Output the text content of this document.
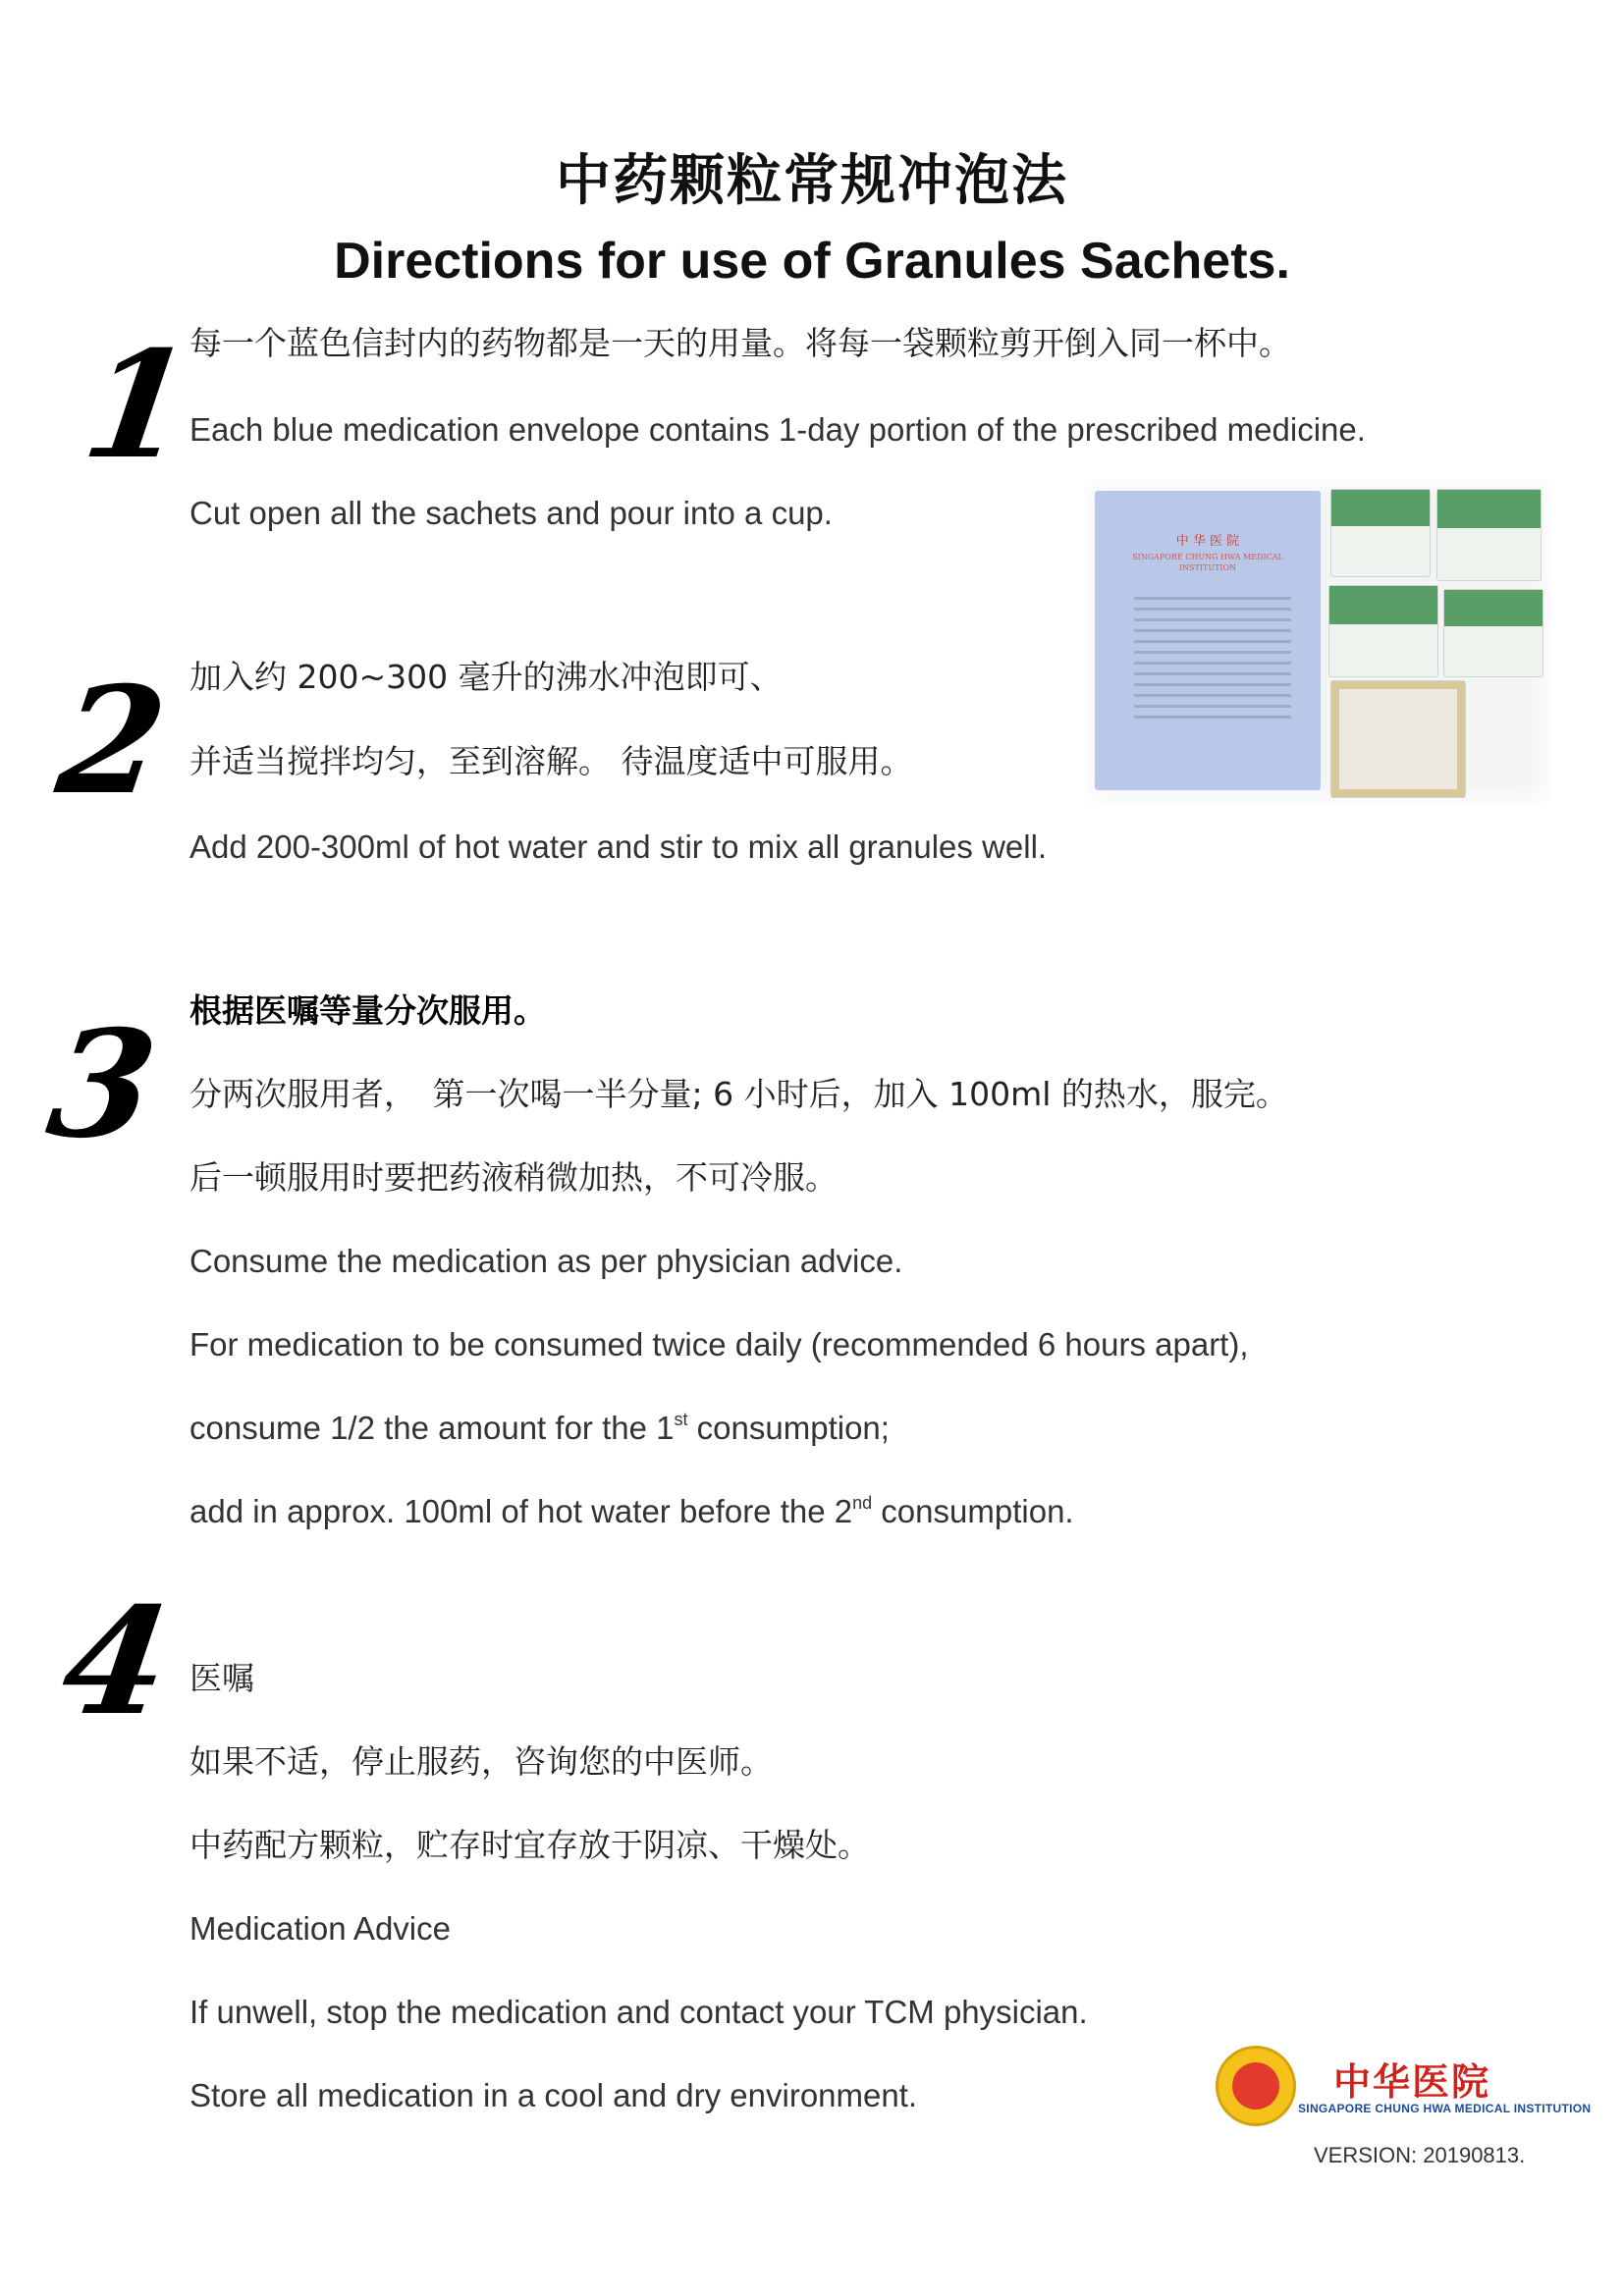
中药颗粒常规冲泡法
Directions for use of Granules Sachets.
1
每一个蓝色信封内的药物都是一天的用量。将每一袋颗粒剪开倒入同一杯中。
Each blue medication envelope contains 1-day portion of the prescribed medicine.
Cut open all the sachets and pour into a cup.
中 华 医 院
SINGAPORE CHUNG HWA MEDICAL INSTITUTION
2 加入约 200~300 毫升的沸水冲泡即可、
并适当搅拌均匀，至到溶解。 待温度适中可服用。
Add 200-300ml of hot water and stir to mix all granules well.
3 根据医嘱等量分次服用。
分两次服用者，　第一次喝一半分量; 6 小时后，加入 100ml 的热水，服完。
后一顿服用时要把药液稍微加热，不可冷服。
Consume the medication as per physician advice.
For medication to be consumed twice daily (recommended 6 hours apart),
consume 1/2 the amount for the 1st consumption;
add in approx. 100ml of hot water before the 2nd consumption.
4 医嘱
如果不适，停止服药，咨询您的中医师。
中药配方颗粒，贮存时宜存放于阴凉、干燥处。
Medication Advice
If unwell, stop the medication and contact your TCM physician.
Store all medication in a cool and dry environment.	中华医院
SINGAPORE CHUNG HWA MEDICAL INSTITUTION
VERSION: 20190813.
